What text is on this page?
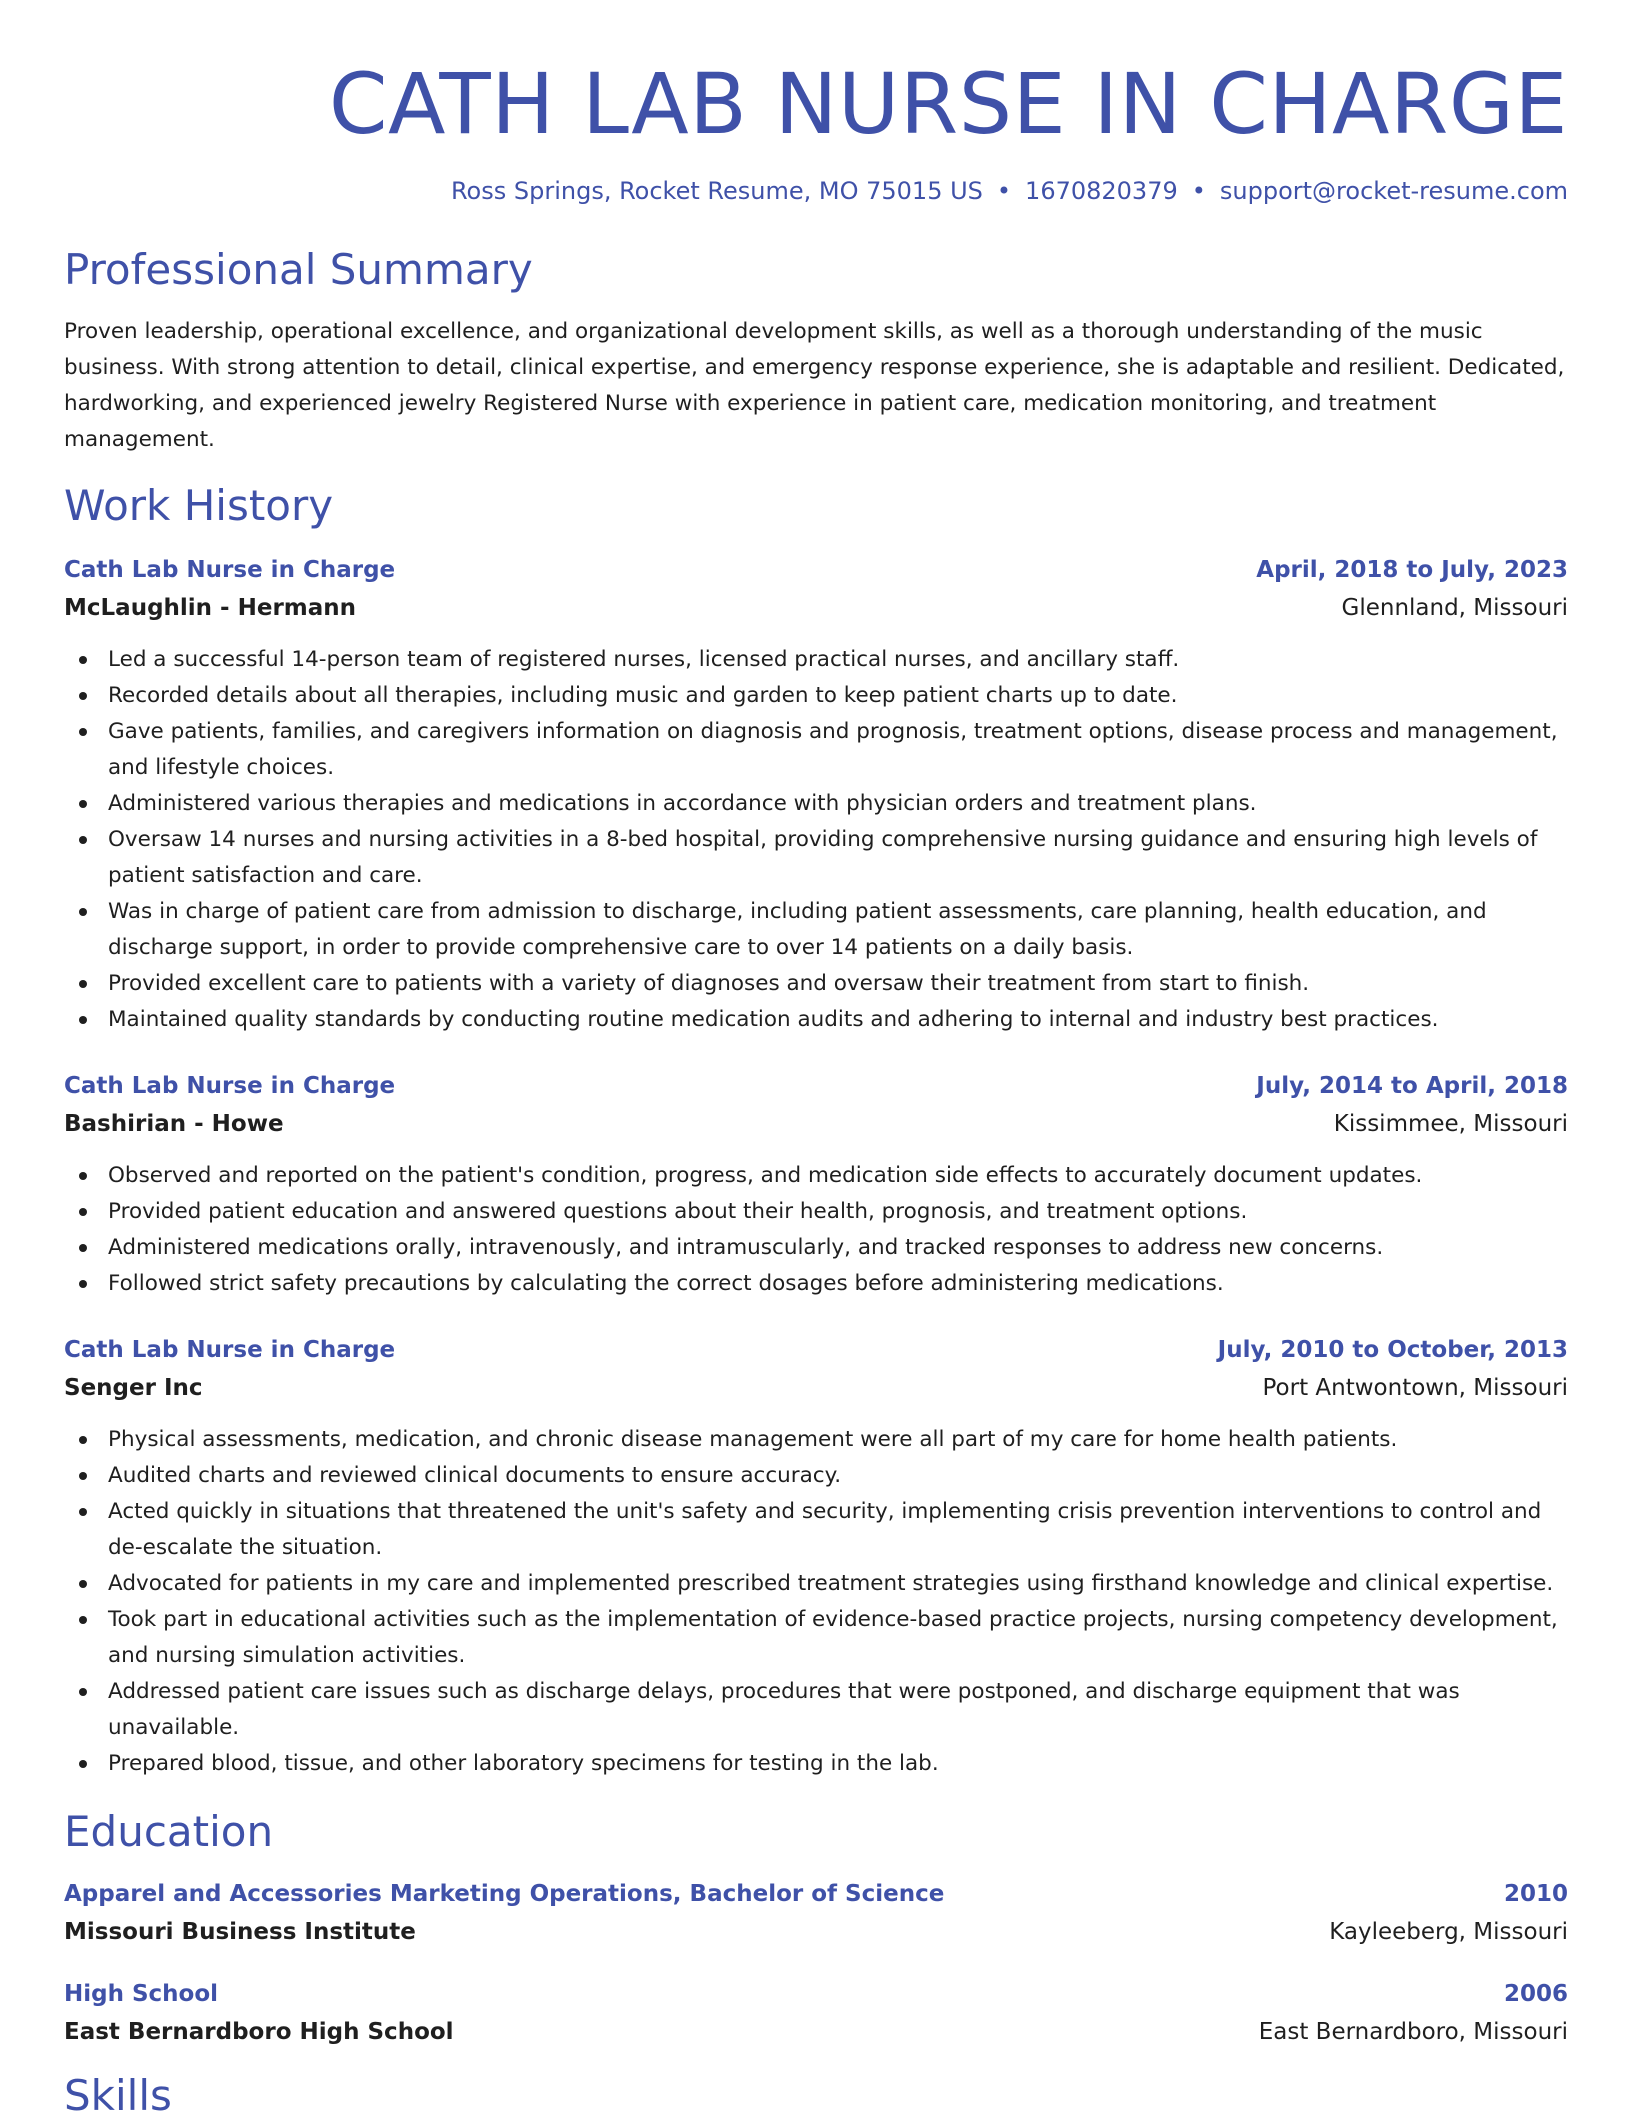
CATH LAB NURSE IN CHARGE
Ross Springs, Rocket Resume, MO 75015 US • 1670820379 • support@rocket-resume.com
Professional Summary
Proven leadership, operational excellence, and organizational development skills, as well as a thorough understanding of the music business. With strong attention to detail, clinical expertise, and emergency response experience, she is adaptable and resilient. Dedicated, hardworking, and experienced jewelry Registered Nurse with experience in patient care, medication monitoring, and treatment management.
Work History
Cath Lab Nurse in Charge	April, 2018 to July, 2023
McLaughlin - Hermann	Glennland, Missouri
Led a successful 14-person team of registered nurses, licensed practical nurses, and ancillary staff.
Recorded details about all therapies, including music and garden to keep patient charts up to date.
Gave patients, families, and caregivers information on diagnosis and prognosis, treatment options, disease process and management, and lifestyle choices.
Administered various therapies and medications in accordance with physician orders and treatment plans.
Oversaw 14 nurses and nursing activities in a 8-bed hospital, providing comprehensive nursing guidance and ensuring high levels of patient satisfaction and care.
Was in charge of patient care from admission to discharge, including patient assessments, care planning, health education, and discharge support, in order to provide comprehensive care to over 14 patients on a daily basis.
Provided excellent care to patients with a variety of diagnoses and oversaw their treatment from start to finish.
Maintained quality standards by conducting routine medication audits and adhering to internal and industry best practices.
Cath Lab Nurse in Charge	July, 2014 to April, 2018
Bashirian - Howe	Kissimmee, Missouri
Observed and reported on the patient's condition, progress, and medication side effects to accurately document updates.
Provided patient education and answered questions about their health, prognosis, and treatment options.
Administered medications orally, intravenously, and intramuscularly, and tracked responses to address new concerns.
Followed strict safety precautions by calculating the correct dosages before administering medications.
Cath Lab Nurse in Charge	July, 2010 to October, 2013
Senger Inc	Port Antwontown, Missouri
Physical assessments, medication, and chronic disease management were all part of my care for home health patients.
Audited charts and reviewed clinical documents to ensure accuracy.
Acted quickly in situations that threatened the unit's safety and security, implementing crisis prevention interventions to control and de-escalate the situation.
Advocated for patients in my care and implemented prescribed treatment strategies using firsthand knowledge and clinical expertise.
Took part in educational activities such as the implementation of evidence-based practice projects, nursing competency development, and nursing simulation activities.
Addressed patient care issues such as discharge delays, procedures that were postponed, and discharge equipment that was unavailable.
Prepared blood, tissue, and other laboratory specimens for testing in the lab.
Education
Apparel and Accessories Marketing Operations, Bachelor of Science	2010
Missouri Business Institute	Kayleeberg, Missouri
High School	2006
East Bernardboro High School	East Bernardboro, Missouri
Skills
